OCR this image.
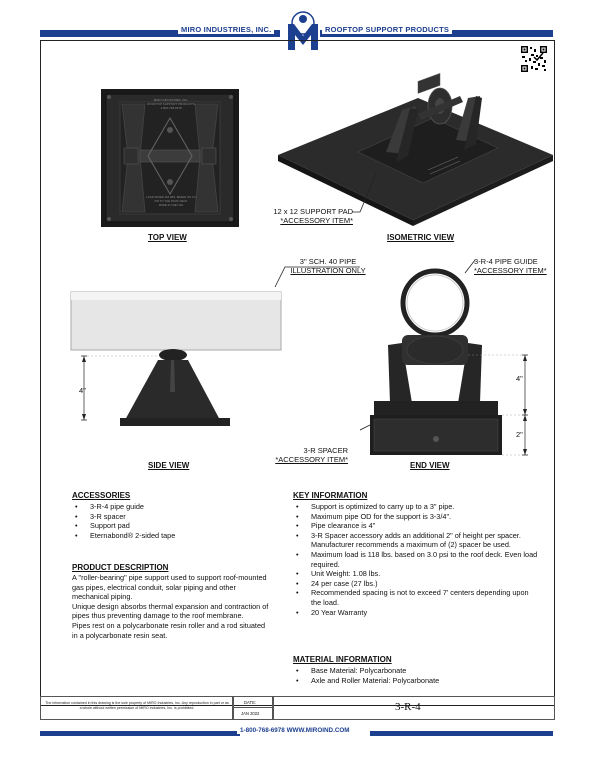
MIRO INDUSTRIES, INC.	ROOFTOP SUPPORT PRODUCTS
MIRO INDUSTRIES, INC.
ROOFTOP SUPPORT PRODUCTS
1-800-768-6978
LOAD RATED 118 LBS. BASED ON 3.0 PSI TO THE ROOF DECK
MADE IN THE USA
TOP VIEW
12 x 12 SUPPORT PAD
*ACCESSORY ITEM*
ISOMETRIC VIEW
3" SCH. 40 PIPE
ILLUSTRATION ONLY
4"
SIDE VIEW
3-R-4 PIPE GUIDE
*ACCESSORY ITEM*
4"
2"
3-R SPACER
*ACCESSORY ITEM*
END VIEW
ACCESSORIES
• 3-R-4 pipe guide
• 3-R spacer
• Support pad
• Eternabond® 2-sided tape
PRODUCT DESCRIPTION
A "roller-bearing" pipe support used to support roof-mounted gas pipes, electrical conduit, solar piping and other mechanical piping.
Unique design absorbs thermal expansion and contraction of pipes thus preventing damage to the roof membrane.
Pipes rest on a polycarbonate resin roller and a rod situated in a polycarbonate resin seat.
KEY INFORMATION
• Support is optimized to carry up to a 3" pipe.
• Maximum pipe OD for the support is 3-3/4".
• Pipe clearance is 4"
• 3-R Spacer accessory adds an additional 2" of height per spacer. Manufacturer recommends a maximum of (2) spacer be used.
• Maximum load is 118 lbs. based on 3.0 psi to the roof deck. Even load required.
• Unit Weight: 1.08 lbs.
• 24 per case (27 lbs.)
• Recommended spacing is not to exceed 7' centers depending upon the load.
• 20 Year Warranty
MATERIAL INFORMATION
• Base Material: Polycarbonate
• Axle and Roller Material: Polycarbonate
The information contained in this drawing is the sole property of MIRO Industries, Inc. Any reproduction in part or as a whole without written permission of MIRO Industries, Inc. is prohibited.
DATE:
JAN 2022
3-R-4
1-800-768-6978 WWW.MIROIND.COM
